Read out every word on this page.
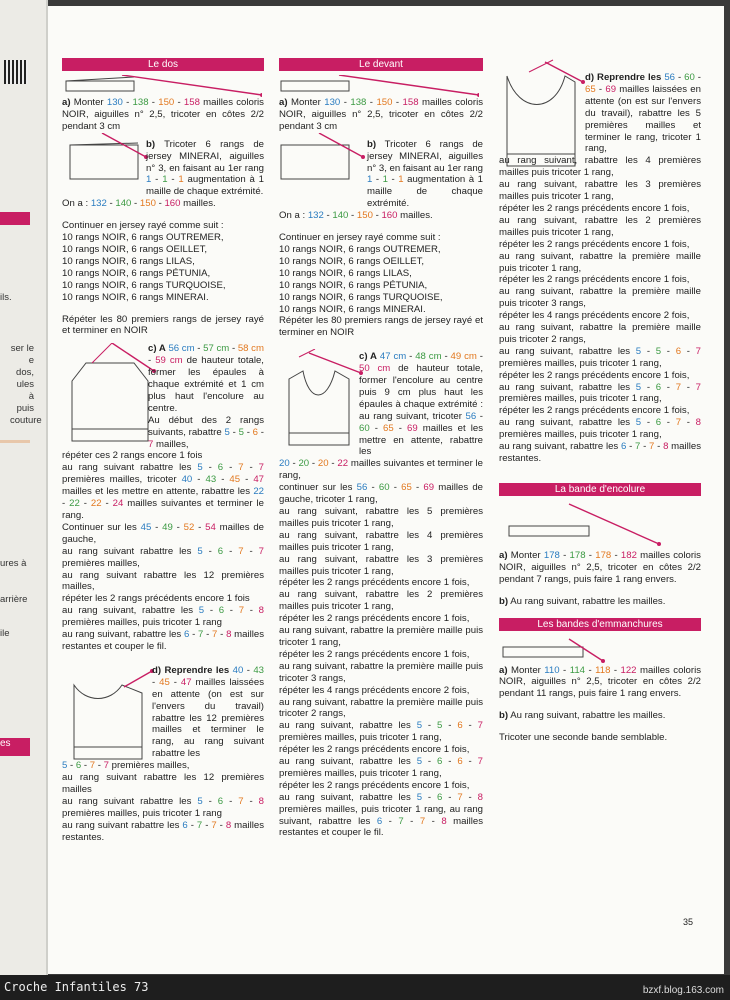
ils.
ser le
e dos,
ules à
puis
couture
ures à
arrière
ile
es
Le dos

a) Monter 130 - 138 - 150 - 158 mailles coloris NOIR, aiguilles n° 2,5, tricoter en côtes 2/2 pendant 3 cm

b) Tricoter 6 rangs de jersey MINERAI, aiguilles n° 3, en faisant au 1er rang 1 - 1 - 1 augmentation à 1 maille de chaque extrémité.

On a : 132 - 140 - 150 - 160 mailles.

Continuer en jersey rayé comme suit :
10 rangs NOIR, 6 rangs OUTREMER,
10 rangs NOIR, 6 rangs OEILLET,
10 rangs NOIR, 6 rangs LILAS,
10 rangs NOIR, 6 rangs PÉTUNIA,
10 rangs NOIR, 6 rangs TURQUOISE,
10 rangs NOIR, 6 rangs MINERAI.

Répéter les 80 premiers rangs de jersey rayé et terminer en NOIR

c) A 56 cm - 57 cm - 58 cm - 59 cm de hauteur totale, former les épaules à chaque extrémité et 1 cm plus haut l'encolure au centre.

Au début des 2 rangs suivants, rabattre 5 - 5 - 6 - 7 mailles,

répéter ces 2 rangs encore 1 fois
au rang suivant rabattre les 5 - 6 - 7 - 7 premières mailles, tricoter 40 - 43 - 45 - 47 mailles et les mettre en attente, rabattre les 22 - 22 - 22 - 24 mailles suivantes et terminer le rang.
Continuer sur les 45 - 49 - 52 - 54 mailles de gauche,
au rang suivant rabattre les 5 - 6 - 7 - 7 premières mailles,
au rang suivant rabattre les 12 premières mailles,
répéter les 2 rangs précédents encore 1 fois
au rang suivant, rabattre les 5 - 6 - 7 - 8 premières mailles, puis tricoter 1 rang
au rang suivant, rabattre les 6 - 7 - 7 - 8 mailles restantes et couper le fil.

d) Reprendre les 40 - 43 - 45 - 47 mailles laissées en attente (on est sur l'envers du travail) rabattre les 12 premières mailles et terminer le rang, au rang suivant rabattre les

5 - 6 - 7 - 7 premières mailles,
au rang suivant rabattre les 12 premières mailles
au rang suivant rabattre les 5 - 6 - 7 - 8 premières mailles, puis tricoter 1 rang
au rang suivant rabattre les 6 - 7 - 7 - 8 mailles restantes.

Le devant

a) Monter 130 - 138 - 150 - 158 mailles coloris NOIR, aiguilles n° 2,5, tricoter en côtes 2/2 pendant 3 cm

b) Tricoter 6 rangs de jersey MINERAI, aiguilles n° 3, en faisant au 1er rang 1 - 1 - 1 augmentation à 1 maille de chaque extrémité.

On a : 132 - 140 - 150 - 160 mailles.

Continuer en jersey rayé comme suit :
10 rangs NOIR, 6 rangs OUTREMER,
10 rangs NOIR, 6 rangs OEILLET,
10 rangs NOIR, 6 rangs LILAS,
10 rangs NOIR, 6 rangs PÉTUNIA,
10 rangs NOIR, 6 rangs TURQUOISE,
10 rangs NOIR, 6 rangs MINERAI.
Répéter les 80 premiers rangs de jersey rayé et terminer en NOIR

c) A 47 cm - 48 cm - 49 cm - 50 cm de hauteur totale, former l'encolure au centre puis 9 cm plus haut les épaules à chaque extrémité : au rang suivant, tricoter 56 - 60 - 65 - 69 mailles et les mettre en attente, rabattre les

20 - 20 - 20 - 22 mailles suivantes et terminer le rang,
continuer sur les 56 - 60 - 65 - 69 mailles de gauche, tricoter 1 rang,
au rang suivant, rabattre les 5 premières mailles puis tricoter 1 rang,
au rang suivant, rabattre les 4 premières mailles puis tricoter 1 rang,
au rang suivant, rabattre les 3 premières mailles puis tricoter 1 rang,
répéter les 2 rangs précédents encore 1 fois,
au rang suivant, rabattre les 2 premières mailles puis tricoter 1 rang,
répéter les 2 rangs précédents encore 1 fois,
au rang suivant, rabattre la première maille puis tricoter 1 rang,
répéter les 2 rangs précédents encore 1 fois,
au rang suivant, rabattre la première maille puis tricoter 3 rangs,
répéter les 4 rangs précédents encore 2 fois,
au rang suivant, rabattre la première maille puis tricoter 2 rangs,
au rang suivant, rabattre les 5 - 5 - 6 - 7 premières mailles, puis tricoter 1 rang,
répéter les 2 rangs précédents encore 1 fois,
au rang suivant, rabattre les 5 - 6 - 6 - 7 premières mailles, puis tricoter 1 rang,
répéter les 2 rangs précédents encore 1 fois,
au rang suivant, rabattre les 5 - 6 - 7 - 8 premières mailles, puis tricoter 1 rang, au rang suivant, rabattre les 6 - 7 - 7 - 8 mailles restantes et couper le fil.

d) Reprendre les 56 - 60 - 65 - 69 mailles laissées en attente (on est sur l'envers du travail), rabattre les 5 premières mailles et terminer le rang, tricoter 1 rang,

au rang suivant, rabattre les 4 premières mailles puis tricoter 1 rang,
au rang suivant, rabattre les 3 premières mailles puis tricoter 1 rang,
répéter les 2 rangs précédents encore 1 fois,
au rang suivant, rabattre les 2 premières mailles puis tricoter 1 rang,
répéter les 2 rangs précédents encore 1 fois,
au rang suivant, rabattre la première maille puis tricoter 1 rang,
répéter les 2 rangs précédents encore 1 fois,
au rang suivant, rabattre la première maille puis tricoter 3 rangs,
répéter les 4 rangs précédents encore 2 fois,
au rang suivant, rabattre la première maille puis tricoter 2 rangs,
au rang suivant, rabattre les 5 - 5 - 6 - 7 premières mailles, puis tricoter 1 rang,
répéter les 2 rangs précédents encore 1 fois,
au rang suivant, rabattre les 5 - 6 - 7 - 7 premières mailles, puis tricoter 1 rang,
répéter les 2 rangs précédents encore 1 fois,
au rang suivant, rabattre les 5 - 6 - 7 - 8 premières mailles, puis tricoter 1 rang,
au rang suivant, rabattre les 6 - 7 - 7 - 8 mailles restantes.

La bande d'encolure

a) Monter 178 - 178 - 178 - 182 mailles coloris NOIR, aiguilles n° 2,5, tricoter en côtes 2/2 pendant 7 rangs, puis faire 1 rang envers.

b) Au rang suivant, rabattre les mailles.

Les bandes d'emmanchures

a) Monter 110 - 114 - 118 - 122 mailles coloris NOIR, aiguilles n° 2,5, tricoter en côtes 2/2 pendant 11 rangs, puis faire 1 rang envers.

b) Au rang suivant, rabattre les mailles.

Tricoter une seconde bande semblable.

35
Croche Infantiles 73	bzxf.blog.163.com
